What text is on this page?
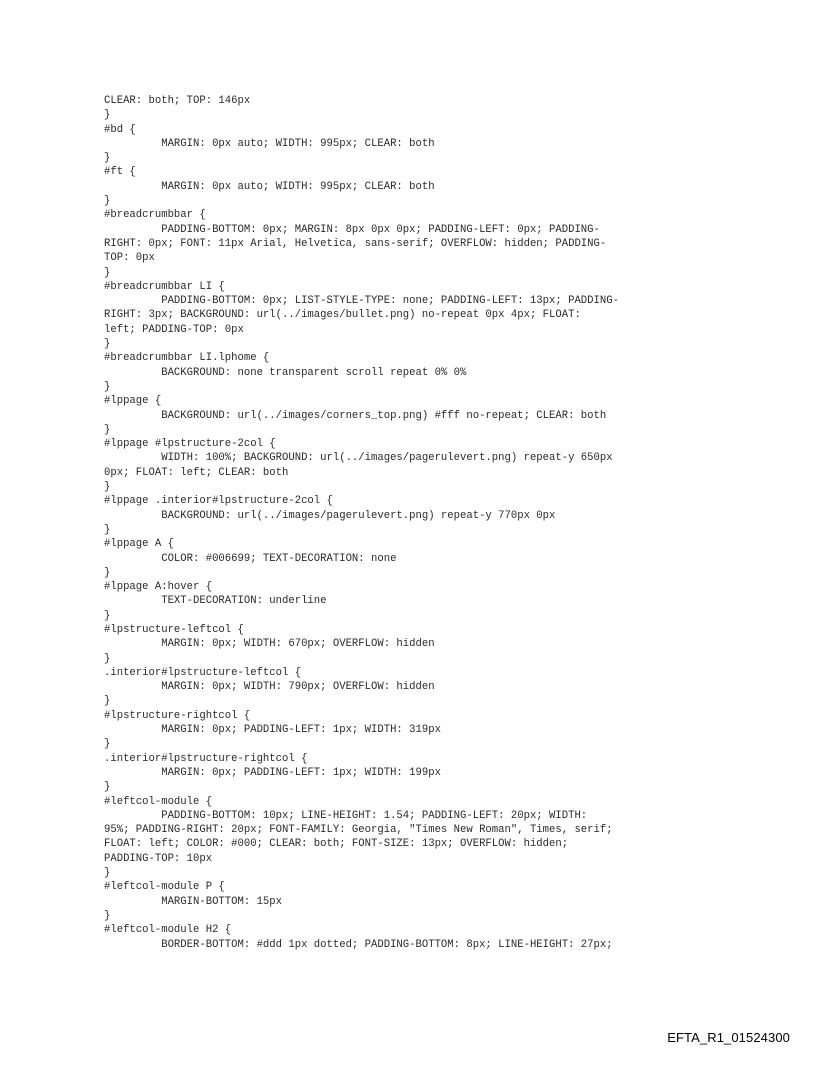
CLEAR: both; TOP: 146px
}
#bd {
MARGIN: 0px auto; WIDTH: 995px; CLEAR: both
}
#ft {
MARGIN: 0px auto; WIDTH: 995px; CLEAR: both
}
#breadcrumbbar {
PADDING-BOTTOM: 0px; MARGIN: 8px 0px 0px; PADDING-LEFT: 0px; PADDING-
RIGHT: 0px; FONT: 11px Arial, Helvetica, sans-serif; OVERFLOW: hidden; PADDING-
TOP: 0px
}
#breadcrumbbar LI {
PADDING-BOTTOM: 0px; LIST-STYLE-TYPE: none; PADDING-LEFT: 13px; PADDING-
RIGHT: 3px; BACKGROUND: url(../images/bullet.png) no-repeat 0px 4px; FLOAT:
left; PADDING-TOP: 0px
}
#breadcrumbbar LI.lphome {
BACKGROUND: none transparent scroll repeat 0% 0%
}
#lppage {
BACKGROUND: url(../images/corners_top.png) #fff no-repeat; CLEAR: both
}
#lppage #lpstructure-2col {
WIDTH: 100%; BACKGROUND: url(../images/pagerulevert.png) repeat-y 650px
0px; FLOAT: left; CLEAR: both
}
#lppage .interior#lpstructure-2col {
BACKGROUND: url(../images/pagerulevert.png) repeat-y 770px 0px
}
#lppage A {
COLOR: #006699; TEXT-DECORATION: none
}
#lppage A:hover {
TEXT-DECORATION: underline
}
#lpstructure-leftcol {
MARGIN: 0px; WIDTH: 670px; OVERFLOW: hidden
}
.interior#lpstructure-leftcol {
MARGIN: 0px; WIDTH: 790px; OVERFLOW: hidden
}
#lpstructure-rightcol {
MARGIN: 0px; PADDING-LEFT: 1px; WIDTH: 319px
}
.interior#lpstructure-rightcol {
MARGIN: 0px; PADDING-LEFT: 1px; WIDTH: 199px
}
#leftcol-module {
PADDING-BOTTOM: 10px; LINE-HEIGHT: 1.54; PADDING-LEFT: 20px; WIDTH:
95%; PADDING-RIGHT: 20px; FONT-FAMILY: Georgia, "Times New Roman", Times, serif;
FLOAT: left; COLOR: #000; CLEAR: both; FONT-SIZE: 13px; OVERFLOW: hidden;
PADDING-TOP: 10px
}
#leftcol-module P {
MARGIN-BOTTOM: 15px
}
#leftcol-module H2 {
BORDER-BOTTOM: #ddd 1px dotted; PADDING-BOTTOM: 8px; LINE-HEIGHT: 27px;
EFTA_R1_01524300
